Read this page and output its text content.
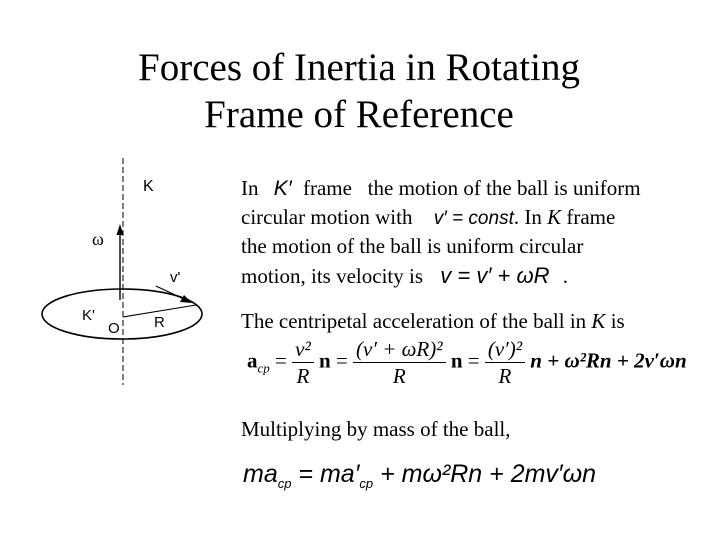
Forces of Inertia in Rotating
Frame of Reference
K
ω
v'
K'
O R
In K′ frame   the motion of the ball is uniform
circular motion with v′ = const. In K frame
the motion of the ball is uniform circular
motion, its velocity is v = v′ + ωR .
The centripetal acceleration of the ball in K is
$a_{cp} = \frac{\text{v²}}{R}$ $n = \frac{\text{(v′ + ωR)²}}{R}$ $n = \frac{\text{(v′)²}}{R}$ n + ω²Rn + 2v′ωn
Multiplying by mass of the ball,
$ma_{cp} = ma'_{cp} + m\omega^2Rn + 2mv'\omega n$
